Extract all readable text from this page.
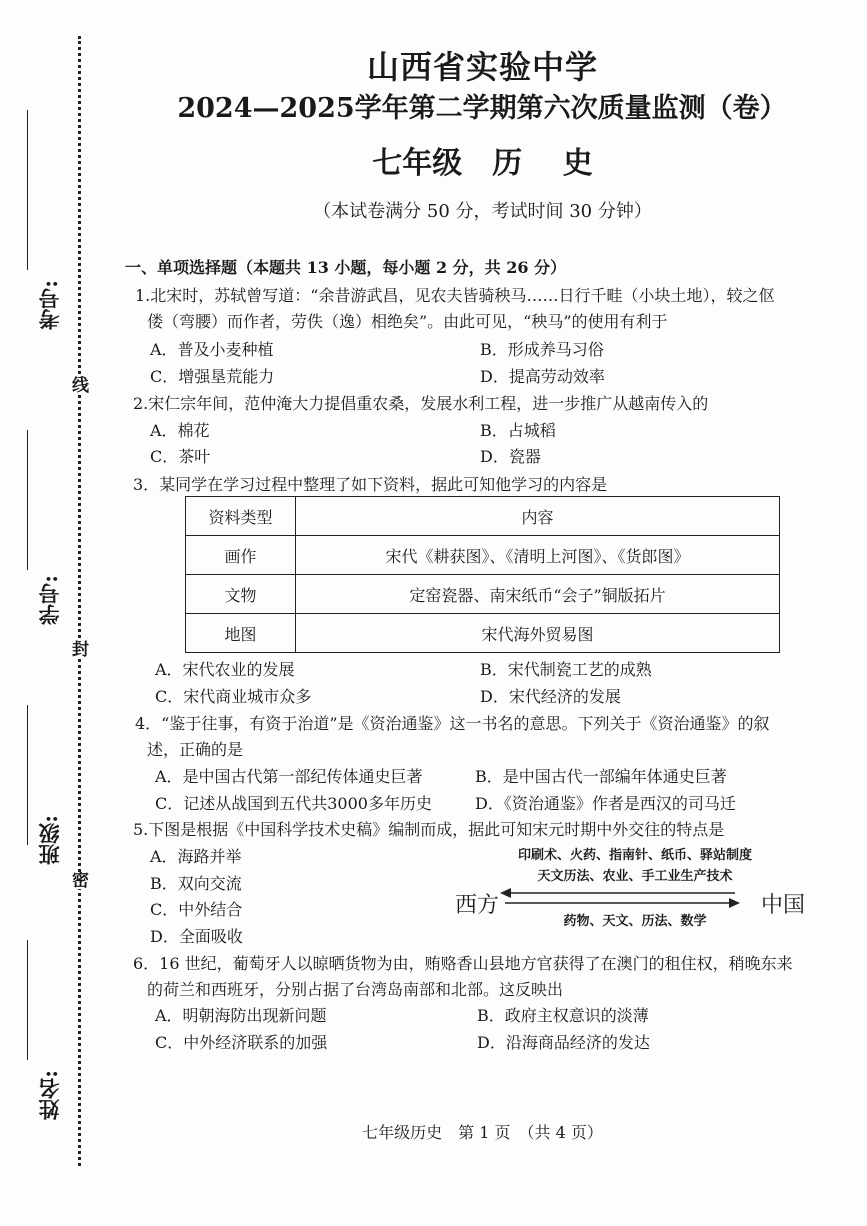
线
封
密
考号:
学号:
班级:
姓名:
山西省实验中学
2024—2025学年第二学期第六次质量监测（卷）
七年级　历 史
（本试卷满分 50 分，考试时间 30 分钟）
一、单项选择题（本题共 13 小题，每小题 2 分，共 26 分）
1.北宋时，苏轼曾写道：“余昔游武昌，见农夫皆骑秧马……日行千畦（小块土地），较之伛
偻（弯腰）而作者，劳佚（逸）相绝矣”。由此可见，“秧马”的使用有利于
A．普及小麦种植	B．形成养马习俗
C．增强垦荒能力	D．提高劳动效率
2.宋仁宗年间，范仲淹大力提倡重农桑，发展水利工程，进一步推广从越南传入的
A．棉花	B．占城稻
C．茶叶	D．瓷器
3．某同学在学习过程中整理了如下资料，据此可知他学习的内容是
资料类型	内容
画作	宋代《耕获图》、《清明上河图》、《货郎图》
文物	定窑瓷器、南宋纸币“会子”铜版拓片
地图	宋代海外贸易图
A．宋代农业的发展	B．宋代制瓷工艺的成熟
C．宋代商业城市众多	D．宋代经济的发展
4．“鉴于往事，有资于治道”是《资治通鉴》这一书名的意思。下列关于《资治通鉴》的叙
述，正确的是
A．是中国古代第一部纪传体通史巨著	B．是中国古代一部编年体通史巨著
C．记述从战国到五代共3000多年历史	D．《资治通鉴》作者是西汉的司马迁
5.下图是根据《中国科学技术史稿》编制而成，据此可知宋元时期中外交往的特点是
A．海路并举
B．双向交流
C．中外结合
D．全面吸收
西方	中国
印刷术、火药、指南针、纸币、驿站制度
天文历法、农业、手工业生产技术
药物、天文、历法、数学
6．16 世纪，葡萄牙人以晾晒货物为由，贿赂香山县地方官获得了在澳门的租住权，稍晚东来
的荷兰和西班牙，分别占据了台湾岛南部和北部。这反映出
A．明朝海防出现新问题	B．政府主权意识的淡薄
C．中外经济联系的加强	D．沿海商品经济的发达
七年级历史　第 1 页　（共 4 页）
